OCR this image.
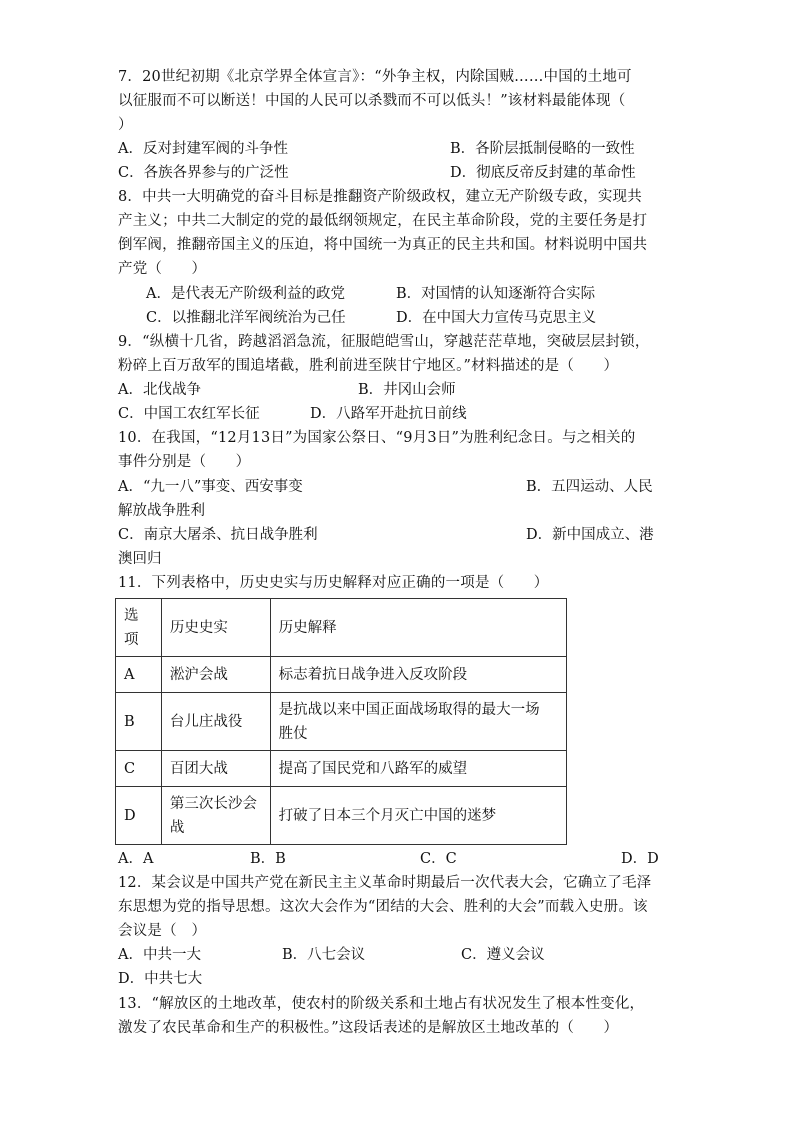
7．20世纪初期《北京学界全体宣言》：“外争主权，内除国贼……中国的土地可
以征服而不可以断送！中国的人民可以杀戮而不可以低头！”该材料最能体现（
）
A．反对封建军阀的斗争性	B．各阶层抵制侵略的一致性
C．各族各界参与的广泛性	D．彻底反帝反封建的革命性
8．中共一大明确党的奋斗目标是推翻资产阶级政权，建立无产阶级专政，实现共
产主义；中共二大制定的党的最低纲领规定，在民主革命阶段，党的主要任务是打
倒军阀，推翻帝国主义的压迫，将中国统一为真正的民主共和国。材料说明中国共
产党（　　）
A．是代表无产阶级利益的政党	B．对国情的认知逐渐符合实际
C．以推翻北洋军阀统治为己任	D．在中国大力宣传马克思主义
9．“纵横十几省，跨越滔滔急流，征服皑皑雪山，穿越茫茫草地，突破层层封锁，
粉碎上百万敌军的围追堵截，胜利前进至陕甘宁地区。”材料描述的是（　　）
A．北伐战争	B．井冈山会师
C．中国工农红军长征	D．八路军开赴抗日前线
10．在我国，“12月13日”为国家公祭日、“9月3日”为胜利纪念日。与之相关的
事件分别是（　　）
A．“九一八”事变、西安事变	B．五四运动、人民
解放战争胜利
C．南京大屠杀、抗日战争胜利	D．新中国成立、港
澳回归
11．下列表格中，历史史实与历史解释对应正确的一项是（　　）
选项	历史史实	历史解释
A	淞沪会战	标志着抗日战争进入反攻阶段
B	台儿庄战役	是抗战以来中国正面战场取得的最大一场胜仗
C	百团大战	提高了国民党和八路军的威望
D	第三次长沙会战	打破了日本三个月灭亡中国的迷梦
A．A	B．B	C．C	D．D
12．某会议是中国共产党在新民主主义革命时期最后一次代表大会，它确立了毛泽
东思想为党的指导思想。这次大会作为“团结的大会、胜利的大会”而载入史册。该
会议是（　）
A．中共一大	B．八七会议	C．遵义会议
D．中共七大
13．“解放区的土地改革，使农村的阶级关系和土地占有状况发生了根本性变化，
激发了农民革命和生产的积极性。”这段话表述的是解放区土地改革的（　　）
